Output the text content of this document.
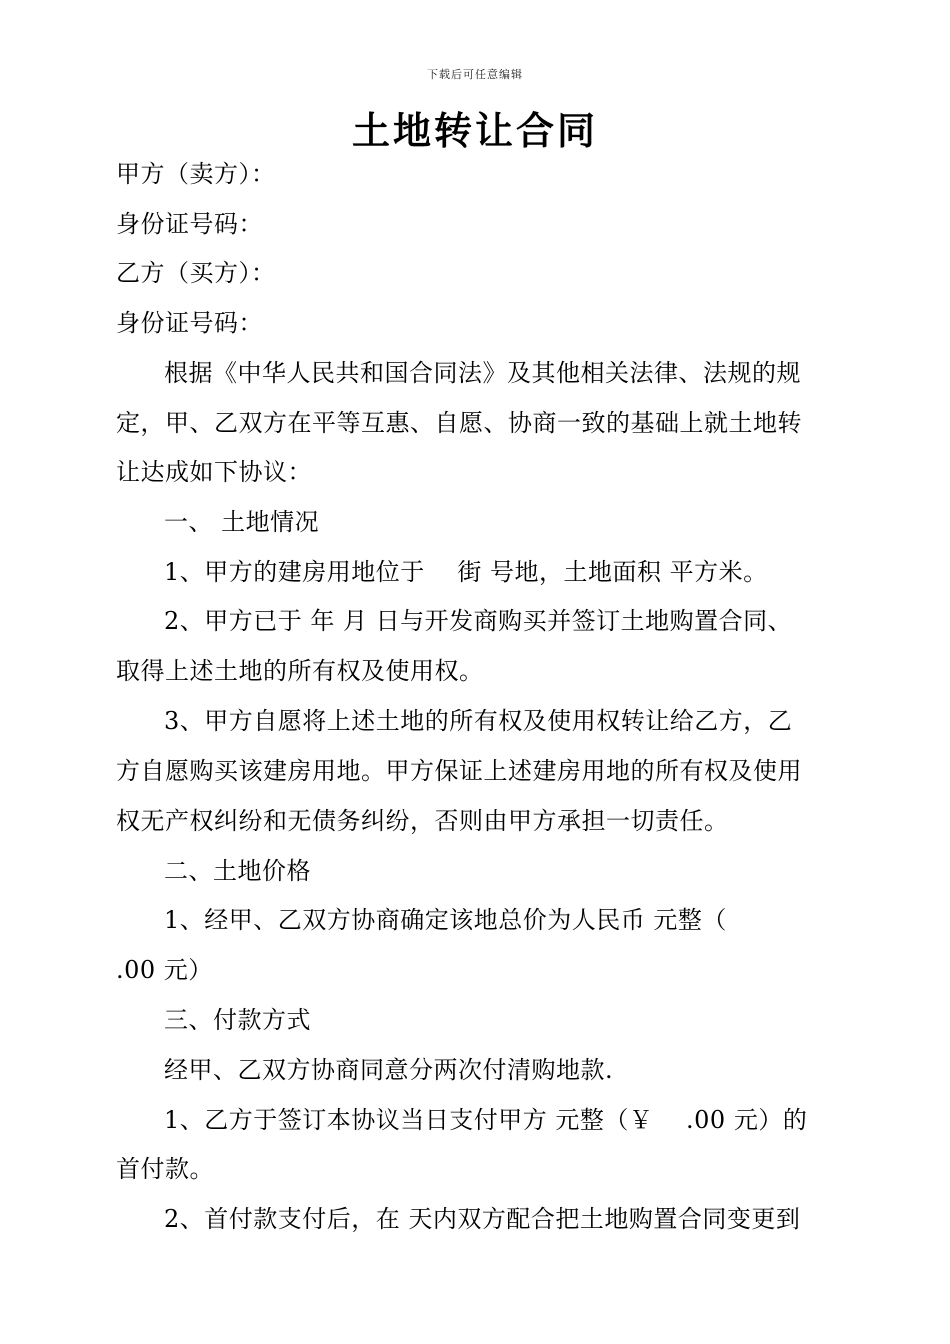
下载后可任意编辑
土地转让合同
甲方（卖方）：
身份证号码：
乙方（买方）：
身份证号码：
根据《中华人民共和国合同法》及其他相关法律、法规的规
定，甲、乙双方在平等互惠、自愿、协商一致的基础上就土地转
让达成如下协议：
一、 土地情况
1、甲方的建房用地位于 　街 号地，土地面积 平方米。
2、甲方已于 年 月 日与开发商购买并签订土地购置合同、
取得上述土地的所有权及使用权。
3、甲方自愿将上述土地的所有权及使用权转让给乙方，乙
方自愿购买该建房用地。甲方保证上述建房用地的所有权及使用
权无产权纠纷和无债务纠纷，否则由甲方承担一切责任。
二、土地价格
1、经甲、乙双方协商确定该地总价为人民币 元整（
.00 元）
三、付款方式
经甲、乙双方协商同意分两次付清购地款.
1、乙方于签订本协议当日支付甲方 元整（￥ 　.00 元）的
首付款。
2、首付款支付后，在 天内双方配合把土地购置合同变更到
